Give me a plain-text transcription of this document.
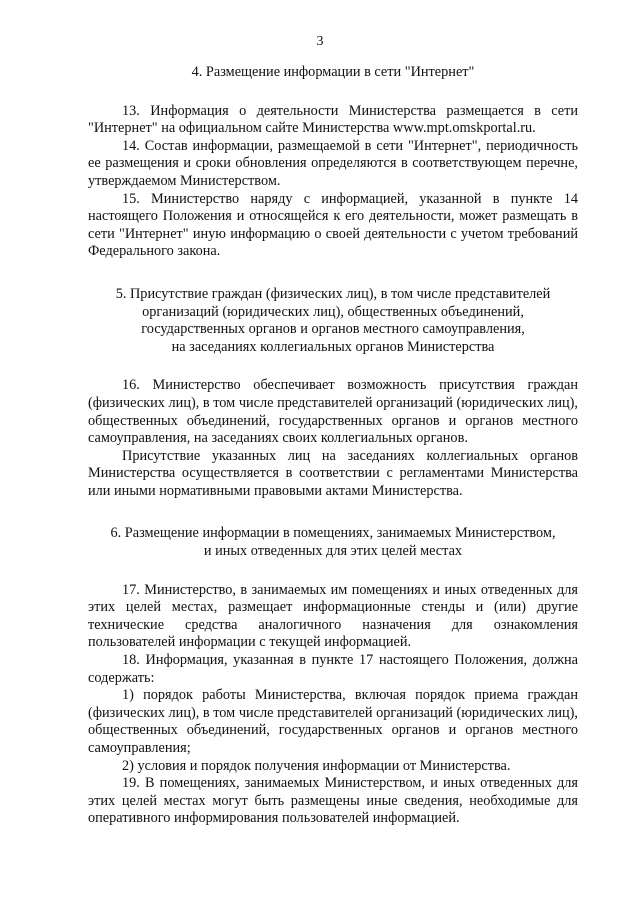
3

4. Размещение информации в сети "Интернет"

13. Информация о деятельности Министерства размещается в сети "Интернет" на официальном сайте Министерства www.mpt.omskportal.ru.

14. Состав информации, размещаемой в сети "Интернет", периодичность ее размещения и сроки обновления определяются в соответствующем перечне, утверждаемом Министерством.

15. Министерство наряду с информацией, указанной в пункте 14 настоящего Положения и относящейся к его деятельности, может размещать в сети "Интернет" иную информацию о своей деятельности с учетом требований Федерального закона.

5. Присутствие граждан (физических лиц), в том числе представителей

организаций (юридических лиц), общественных объединений,

государственных органов и органов местного самоуправления,

на заседаниях коллегиальных органов Министерства

16. Министерство обеспечивает возможность присутствия граждан (физических лиц), в том числе представителей организаций (юридических лиц), общественных объединений, государственных органов и органов местного самоуправления, на заседаниях своих коллегиальных органов.

Присутствие указанных лиц на заседаниях коллегиальных органов Министерства осуществляется в соответствии с регламентами Министерства или иными нормативными правовыми актами Министерства.

6. Размещение информации в помещениях, занимаемых Министерством,

и иных отведенных для этих целей местах

17. Министерство, в занимаемых им помещениях и иных отведенных для этих целей местах, размещает информационные стенды и (или) другие технические средства аналогичного назначения для ознакомления пользователей информации с текущей информацией.

18. Информация, указанная в пункте 17 настоящего Положения, должна содержать:

1) порядок работы Министерства, включая порядок приема граждан (физических лиц), в том числе представителей организаций (юридических лиц), общественных объединений, государственных органов и органов местного самоуправления;

2) условия и порядок получения информации от Министерства.

19. В помещениях, занимаемых Министерством, и иных отведенных для этих целей местах могут быть размещены иные сведения, необходимые для оперативного информирования пользователей информацией.
